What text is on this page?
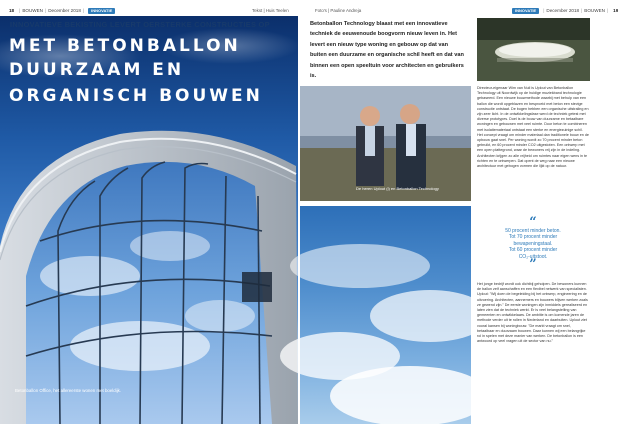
18 | BOUWEN | December 2018 |	INNOVATIE	Tekst | Huis Teelen	Foto's | Pauline Andreja	INNOVATIE	| December 2018 | BOUWEN | 19
INNOVATIEVE BEKISTING LEVERT OERSTERKE CONSTRUCTIES OP
MET BETONBALLON
DUURZAAM EN
ORGANISCH BOUWEN
Betonballon Office, het allereerste wonen met boeldijk.
Betonballon Technology blaast met een innovatieve techniek de eeuwenoude boogvorm nieuw leven in. Het levert een nieuw type woning en gebouw op dat van buiten een duurzame en organische schil heeft en dat van binnen een open speeltuin voor architecten en gebruikers is.
De heren Uplout (l) en Betonballon Technology
Directeur-eigenaar Wim van Nuil is Uplout van Betonballon Technology uit Noordwijk op de huidige muziekband technologie gebaseerd. Een nieuwe bouwmethode waarbij met behulp van een ballon die wordt opgeblazen en besproeid met beton een stevige constructie ontstaat. De bogen hebben een organische uitstraling en zijn zeer licht. In de ontwikkelingsfase werd de techniek getest met diverse prototypes. Doel is de bouw van duurzame en betaalbare woningen en gebouwen met veel ruimte. Door beton te combineren met isolatiemateriaal ontstaat een sterke en energiezuinige schil. Het concept vraagt om minder materiaal dan traditionele bouw en de opbouw gaat snel. Per woning wordt zo 70 procent minder beton gebruikt, en 60 procent minder CO2 uitgestoten. Een ontwerp met een open plattegrond, waar de bewoners vrij zijn in de indeling. Architecten krijgen zo alle vrijheid om ruimtes naar eigen wens in te richten en te ontwerpen. Dat opent de weg naar een nieuwe architectuur met gebogen vormen die lijkt op de natuur.
“
50 procent minder beton.
Tot 70 procent minder
bewapeningstaal.
Tot 60 procent minder
CO₂-uitstoot.
”
Het jonge bedrijf wordt ook dichtbij geholpen. De bewoners kunnen de ballon zelf aanschaffen en een flexibel netwerk van specialisten. Uplout: "Wij doen de begeleiding bij het ontwerp, engineering en de uitvoering. Architecten, aannemers en bouwers blijven werken zoals ze gewend zijn." De eerste woningen zijn inmiddels gerealiseerd en laten zien dat de techniek werkt. Er is veel belangstelling van gemeenten en ontwikkelaars. De ambitie is om komende jaren de methode verder uit te rollen in Nederland en daarbuiten. Uplout ziet vooral kansen bij woningbouw: "De markt vraagt om snel, betaalbaar en duurzaam bouwen. Daar kunnen wij een belangrijke rol in spelen met deze manier van werken. De betonballon is een antwoord op veel vragen uit de sector van nu."
